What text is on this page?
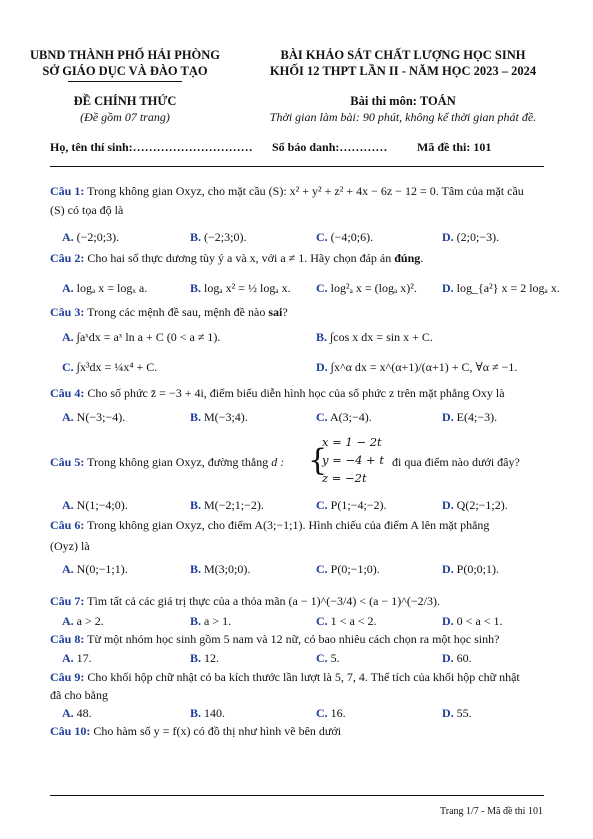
UBND THÀNH PHỐ HẢI PHÒNG
SỞ GIÁO DỤC VÀ ĐÀO TẠO
BÀI KHẢO SÁT CHẤT LƯỢNG HỌC SINH
KHỐI 12 THPT LẦN II - NĂM HỌC 2023 – 2024
ĐỀ CHÍNH THỨC
(Đề gồm 07 trang)
Bài thi môn: TOÁN
Thời gian làm bài: 90 phút, không kể thời gian phát đề.
Họ, tên thí sinh:………………………… Số báo danh:………… Mã đề thi: 101
Câu 1: Trong không gian Oxyz, cho mặt cầu (S): x² + y² + z² + 4x − 6z − 12 = 0. Tâm của mặt cầu
(S) có tọa độ là
A. (−2;0;3).	B. (−2;3;0).	C. (−4;0;6).	D. (2;0;−3).
Câu 2: Cho hai số thực dương tùy ý a và x, với a ≠ 1. Hãy chọn đáp án đúng.
A. logₐ x = logₓ a.	B. logₐ x² = ½ logₐ x. C. log²ₐ x = (logₐ x)². D. log_{a²} x = 2 logₐ x.
Câu 3: Trong các mệnh đề sau, mệnh đề nào sai?
A. ∫aˣdx = aˣ ln a + C (0 < a ≠ 1).	B. ∫cos x dx = sin x + C.
C. ∫x³dx = ¼x⁴ + C.	D. ∫x^α dx = x^(α+1)/(α+1) + C, ∀α ≠ −1.
Câu 4: Cho số phức z̄ = −3 + 4i, điểm biểu diễn hình học của số phức z trên mặt phẳng Oxy là
A. N(−3;−4).	B. M(−3;4).	C. A(3;−4).	D. E(4;−3).
Câu 5: Trong không gian Oxyz, đường thẳng d : {
x = 1 − 2t
y = −4 + t
z = −2t
đi qua điểm nào dưới đây?
A. N(1;−4;0).	B. M(−2;1;−2).	C. P(1;−4;−2).	D. Q(2;−1;2).
Câu 6: Trong không gian Oxyz, cho điểm A(3;−1;1). Hình chiếu của điểm A lên mặt phẳng
(Oyz) là
A. N(0;−1;1).	B. M(3;0;0).	C. P(0;−1;0).	D. P(0;0;1).
Câu 7: Tìm tất cả các giá trị thực của a thỏa mãn (a − 1)^(−3/4) < (a − 1)^(−2/3).
A. a > 2.	B. a > 1.	C. 1 < a < 2.	D. 0 < a < 1.
Câu 8: Từ một nhóm học sinh gồm 5 nam và 12 nữ, có bao nhiêu cách chọn ra một học sinh?
A. 17.	B. 12.	C. 5.	D. 60.
Câu 9: Cho khối hộp chữ nhật có ba kích thước lần lượt là 5, 7, 4. Thể tích của khối hộp chữ nhật
đã cho bằng
A. 48.	B. 140.	C. 16.	D. 55.
Câu 10: Cho hàm số y = f(x) có đồ thị như hình vẽ bên dưới
Trang 1/7 - Mã đề thi 101
